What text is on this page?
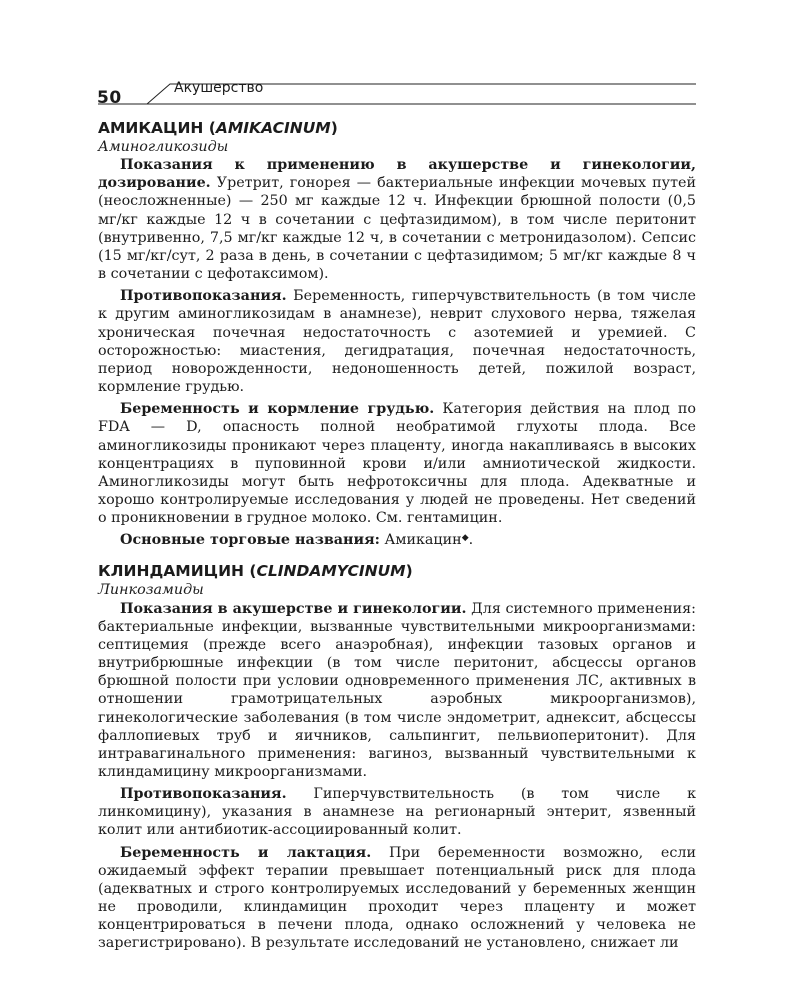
50	Акушерство

АМИКАЦИН (AMIKACINUM)

Аминогликозиды

Показания к применению в акушерстве и гинекологии, дозирование. Уретрит, гонорея — бактериальные инфекции мочевых путей (неосложненные) — 250 мг каждые 12 ч. Инфекции брюшной полости (0,5 мг/кг каждые 12 ч в сочетании с цефтазидимом), в том числе перитонит (внутривенно, 7,5 мг/кг каждые 12 ч, в сочетании с метронидазолом). Сепсис (15 мг/кг/сут, 2 раза в день, в сочетании с цефтазидимом; 5 мг/кг каждые 8 ч в сочетании с цефотаксимом).

Противопоказания. Беременность, гиперчувствительность (в том числе к другим аминогликозидам в анамнезе), неврит слухового нерва, тяжелая хроническая почечная недостаточность с азотемией и уремией. С осторожностью: миастения, дегидратация, почечная недостаточность, период новорожденности, недоношенность детей, пожилой возраст, кормление грудью.

Беременность и кормление грудью. Категория действия на плод по FDA — D, опасность полной необратимой глухоты плода. Все аминогликозиды проникают через плаценту, иногда накапливаясь в высоких концентрациях в пуповинной крови и/или амниотической жидкости. Аминогликозиды могут быть нефротоксичны для плода. Адекватные и хорошо контролируемые исследования у людей не проведены. Нет сведений о проникновении в грудное молоко. См. гентамицин.

Основные торговые названия: Амикацин◆.

КЛИНДАМИЦИН (CLINDAMYCINUM)

Линкозамиды

Показания в акушерстве и гинекологии. Для системного применения: бактериальные инфекции, вызванные чувствительными микроорганизмами: септицемия (прежде всего анаэробная), инфекции тазовых органов и внутрибрюшные инфекции (в том числе перитонит, абсцессы органов брюшной полости при условии одновременного применения ЛС, активных в отношении грамотрицательных аэробных микроорганизмов), гинекологические заболевания (в том числе эндометрит, аднексит, абсцессы фаллопиевых труб и яичников, сальпингит, пельвиоперитонит). Для интравагинального применения: вагиноз, вызванный чувствительными к клиндамицину микроорганизмами.

Противопоказания. Гиперчувствительность (в том числе к линкомицину), указания в анамнезе на регионарный энтерит, язвенный колит или антибиотик-ассоциированный колит.

Беременность и лактация. При беременности возможно, если ожидаемый эффект терапии превышает потенциальный риск для плода (адекватных и строго контролируемых исследований у беременных женщин не проводили, клиндамицин проходит через плаценту и может концентрироваться в печени плода, однако осложнений у человека не зарегистрировано). В результате исследований не установлено, снижает ли
